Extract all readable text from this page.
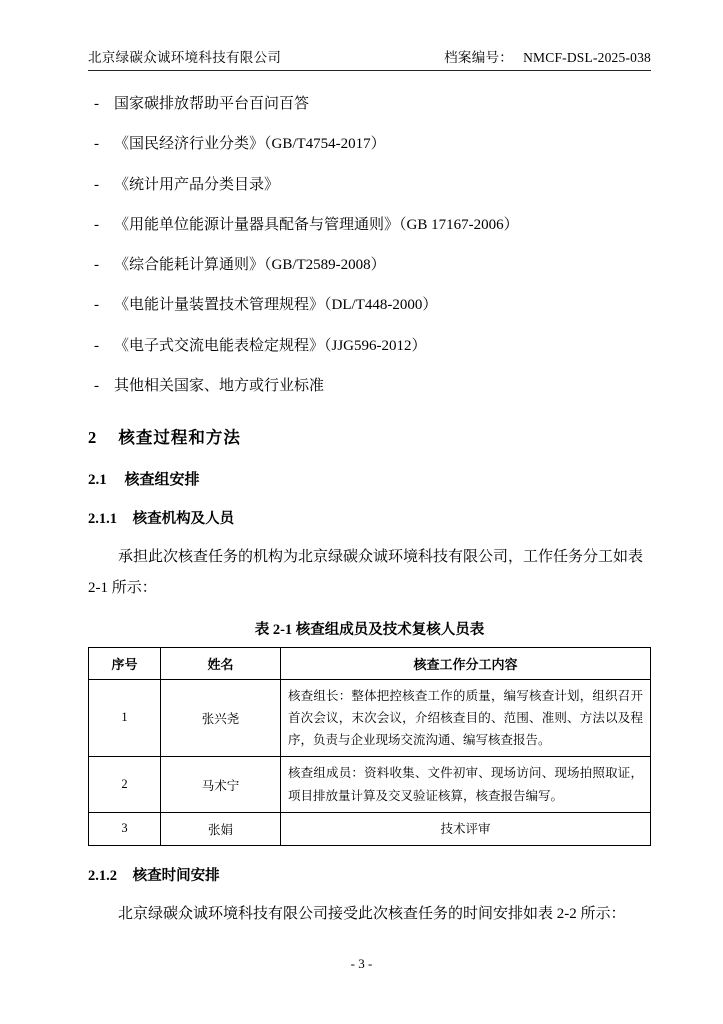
北京绿碳众诚环境科技有限公司	档案编号： NMCF-DSL-2025-038
-	国家碳排放帮助平台百问百答
-	《国民经济行业分类》（GB/T4754-2017）
-	《统计用产品分类目录》
-	《用能单位能源计量器具配备与管理通则》（GB 17167-2006）
-	《综合能耗计算通则》（GB/T2589-2008）
-	《电能计量装置技术管理规程》（DL/T448-2000）
-	《电子式交流电能表检定规程》（JJG596-2012）
-	其他相关国家、地方或行业标准
2 核查过程和方法
2.1 核查组安排
2.1.1 核查机构及人员

承担此次核查任务的机构为北京绿碳众诚环境科技有限公司，工作任务分工如表 2-1 所示：

表 2-1 核查组成员及技术复核人员表
序号	姓名	核查工作分工内容
1	张兴尧	核查组长：整体把控核查工作的质量，编写核查计划，组织召开首次会议，末次会议，介绍核查目的、范围、准则、方法以及程序，负责与企业现场交流沟通、编写核查报告。
2	马术宁	核查组成员：资料收集、文件初审、现场访问、现场拍照取证，项目排放量计算及交叉验证核算，核查报告编写。
3	张娟	技术评审
2.1.2 核查时间安排

北京绿碳众诚环境科技有限公司接受此次核查任务的时间安排如表 2-2 所示：

- 3 -
